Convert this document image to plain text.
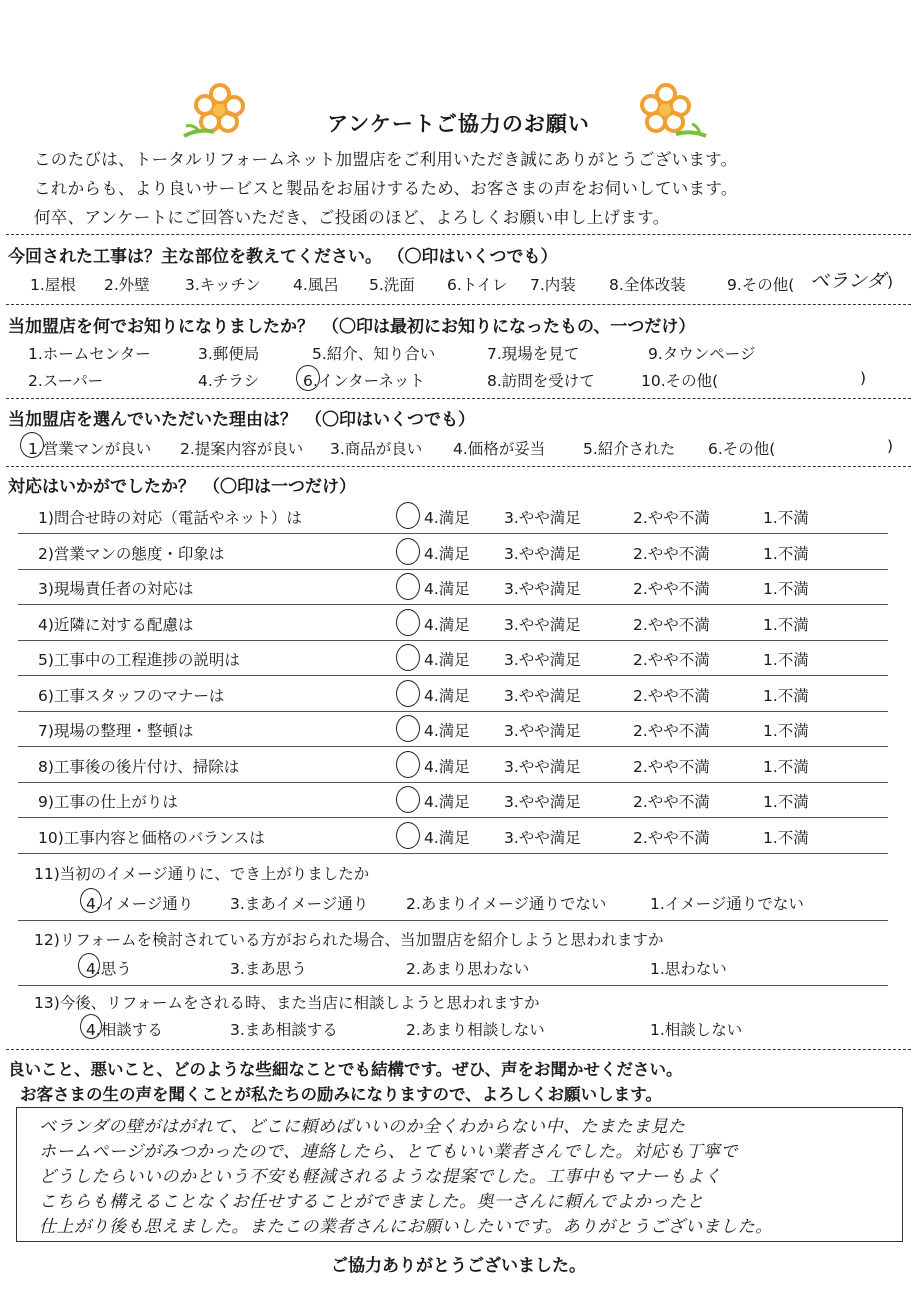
アンケートご協力のお願い
このたびは、トータルリフォームネット加盟店をご利用いただき誠にありがとうございます。
これからも、より良いサービスと製品をお届けするため、お客さまの声をお伺いしています。
何卒、アンケートにご回答いただき、ご投函のほど、よろしくお願い申し上げます。
今回された工事は？主な部位を教えてください。 （〇印はいくつでも）
1.屋根 2.外壁 3.キッチン 4.風呂 5.洗面 6.トイレ 7.内装 8.全体改装	9.その他( ベランダ )
当加盟店を何でお知りになりましたか？ （〇印は最初にお知りになったもの、一つだけ）
1.ホームセンター	3.郵便局	5.紹介、知り合い	7.現場を見て	9.タウンページ
2.スーパー	4.チラシ	6.インターネット	8.訪問を受けて	10.その他(	)
当加盟店を選んでいただいた理由は？ （〇印はいくつでも）
1.営業マンが良い 2.提案内容が良い 3.商品が良い 4.価格が妥当 5.紹介された 6.その他(	)
対応はいかがでしたか？ （〇印は一つだけ）
1)問合せ時の対応（電話やネット）は	4.満足 3.やや満足	2.やや不満	1.不満
2)営業マンの態度・印象は	4.満足 3.やや満足	2.やや不満	1.不満
3)現場責任者の対応は	4.満足 3.やや満足	2.やや不満	1.不満
4)近隣に対する配慮は	4.満足 3.やや満足	2.やや不満	1.不満
5)工事中の工程進捗の説明は	4.満足 3.やや満足	2.やや不満	1.不満
6)工事スタッフのマナーは	4.満足 3.やや満足	2.やや不満	1.不満
7)現場の整理・整頓は	4.満足 3.やや満足	2.やや不満	1.不満
8)工事後の後片付け、掃除は	4.満足 3.やや満足	2.やや不満	1.不満
9)工事の仕上がりは	4.満足 3.やや満足	2.やや不満	1.不満
10)工事内容と価格のバランスは	4.満足 3.やや満足	2.やや不満	1.不満
11)当初のイメージ通りに、でき上がりましたか
4.イメージ通り 3.まあイメージ通り 2.あまりイメージ通りでない	1.イメージ通りでない
12)リフォームを検討されている方がおられた場合、当加盟店を紹介しようと思われますか
4.思う	3.まあ思う	2.あまり思わない	1.思わない
13)今後、リフォームをされる時、また当店に相談しようと思われますか
4.相談する	3.まあ相談する	2.あまり相談しない	1.相談しない
良いこと、悪いこと、どのような些細なことでも結構です。ぜひ、声をお聞かせください。
お客さまの生の声を聞くことが私たちの励みになりますので、よろしくお願いします。
ベランダの壁がはがれて、どこに頼めばいいのか全くわからない中、たまたま見た
ホームページがみつかったので、連絡したら、とてもいい業者さんでした。対応も丁寧で
どうしたらいいのかという不安も軽減されるような提案でした。工事中もマナーもよく
こちらも構えることなくお任せすることができました。奥一さんに頼んでよかったと
仕上がり後も思えました。またこの業者さんにお願いしたいです。ありがとうございました。
ご協力ありがとうございました。
